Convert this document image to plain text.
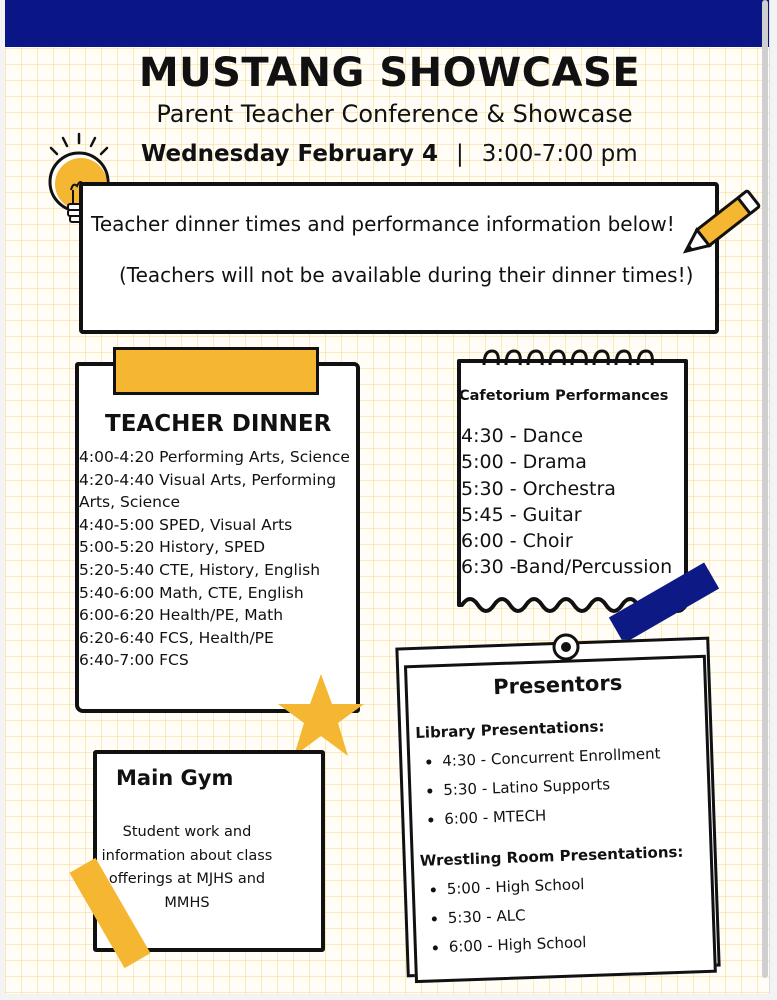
MUSTANG SHOWCASE
Parent Teacher Conference & Showcase
Wednesday February 4 | 3:00-7:00 pm
Teacher dinner times and performance information below!
(Teachers will not be available during their dinner times!)
TEACHER DINNER
4:00-4:20 Performing Arts, Science
4:20-4:40 Visual Arts, Performing Arts, Science
4:40-5:00 SPED, Visual Arts
5:00-5:20 History, SPED
5:20-5:40 CTE, History, English
5:40-6:00 Math, CTE, English
6:00-6:20 Health/PE, Math
6:20-6:40 FCS, Health/PE
6:40-7:00 FCS
Cafetorium Performances
4:30 - Dance
5:00 - Drama
5:30 - Orchestra
5:45 - Guitar
6:00 - Choir
6:30 -Band/Percussion
Main Gym
Student work and information about class offerings at MJHS and MMHS
Presentors
Library Presentations:
• 4:30 - Concurrent Enrollment
• 5:30 - Latino Supports
• 6:00 - MTECH
Wrestling Room Presentations:
• 5:00 - High School
• 5:30 - ALC
• 6:00 - High School
